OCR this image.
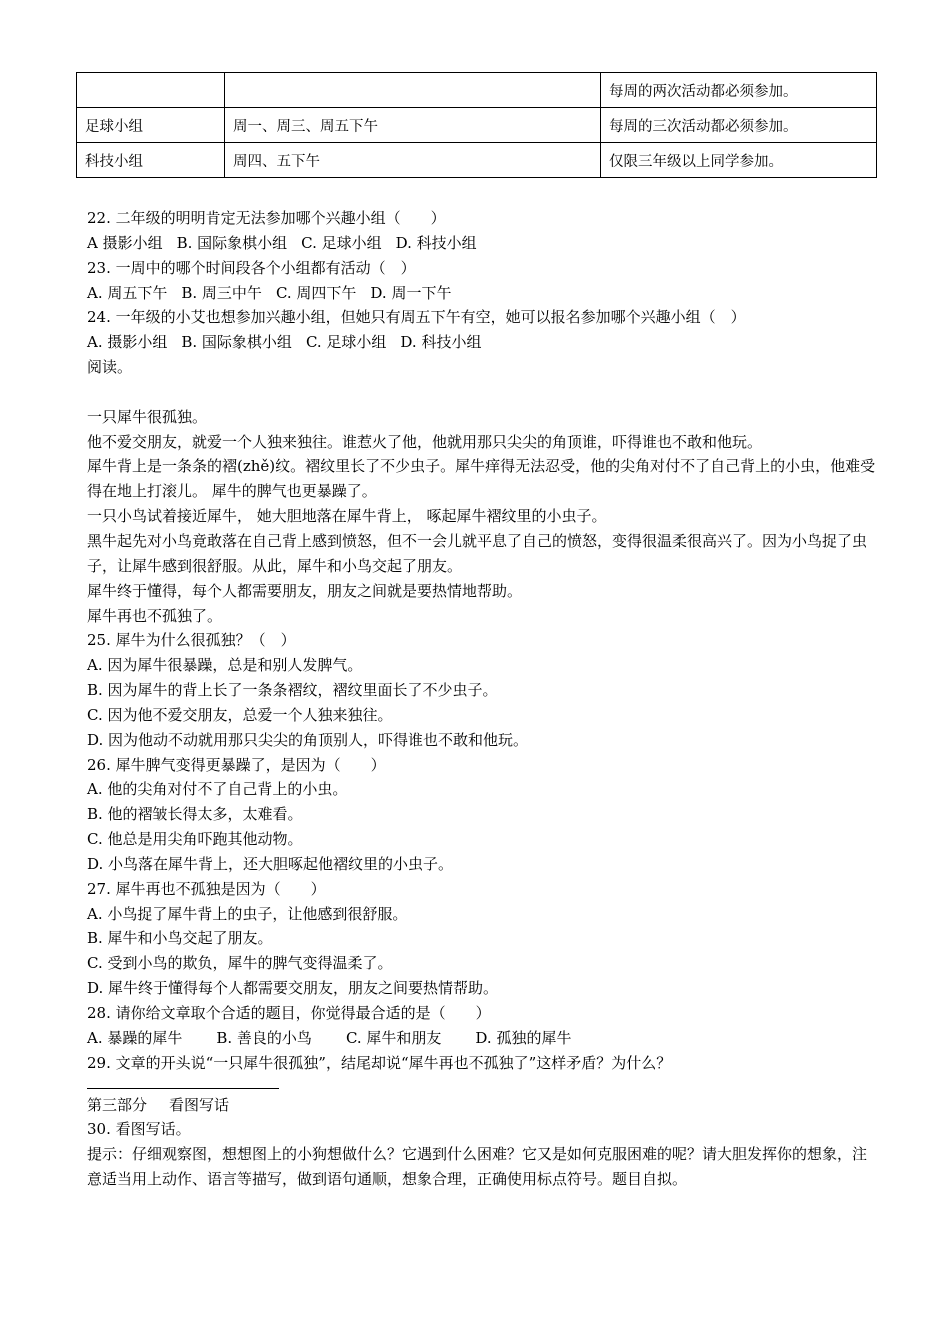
		每周的两次活动都必须参加。
足球小组	周一、周三、周五下午	每周的三次活动都必须参加。
科技小组	周四、五下午	仅限三年级以上同学参加。
22. 二年级的明明肯定无法参加哪个兴趣小组（　　）
A 摄影小组 B. 国际象棋小组 C. 足球小组 D. 科技小组
23. 一周中的哪个时间段各个小组都有活动（　）
A. 周五下午 B. 周三中午 C. 周四下午 D. 周一下午
24. 一年级的小艾也想参加兴趣小组，但她只有周五下午有空，她可以报名参加哪个兴趣小组（　）
A. 摄影小组 B. 国际象棋小组 C. 足球小组 D. 科技小组
阅读。
一只犀牛很孤独。
他不爱交朋友，就爱一个人独来独往。谁惹火了他，他就用那只尖尖的角顶谁，吓得谁也不敢和他玩。
犀牛背上是一条条的褶(zhě)纹。褶纹里长了不少虫子。犀牛痒得无法忍受，他的尖角对付不了自己背上的小虫，他难受得在地上打滚儿。 犀牛的脾气也更暴躁了。
一只小鸟试着接近犀牛， 她大胆地落在犀牛背上， 啄起犀牛褶纹里的小虫子。
黑牛起先对小鸟竟敢落在自己背上感到愤怒，但不一会儿就平息了自己的愤怒，变得很温柔很高兴了。因为小鸟捉了虫子，让犀牛感到很舒服。从此，犀牛和小鸟交起了朋友。
犀牛终于懂得，每个人都需要朋友，朋友之间就是要热情地帮助。
犀牛再也不孤独了。
25. 犀牛为什么很孤独？（　）
A. 因为犀牛很暴躁，总是和别人发脾气。
B. 因为犀牛的背上长了一条条褶纹，褶纹里面长了不少虫子。
C. 因为他不爱交朋友，总爱一个人独来独往。
D. 因为他动不动就用那只尖尖的角顶别人，吓得谁也不敢和他玩。
26. 犀牛脾气变得更暴躁了，是因为（　　）
A. 他的尖角对付不了自己背上的小虫。
B. 他的褶皱长得太多，太难看。
C. 他总是用尖角吓跑其他动物。
D. 小鸟落在犀牛背上，还大胆啄起他褶纹里的小虫子。
27. 犀牛再也不孤独是因为（　　）
A. 小鸟捉了犀牛背上的虫子，让他感到很舒服。
B. 犀牛和小鸟交起了朋友。
C. 受到小鸟的欺负，犀牛的脾气变得温柔了。
D. 犀牛终于懂得每个人都需要交朋友，朋友之间要热情帮助。
28. 请你给文章取个合适的题目，你觉得最合适的是（　　）
A. 暴躁的犀牛 B. 善良的小鸟 C. 犀牛和朋友 D. 孤独的犀牛
29. 文章的开头说“一只犀牛很孤独”，结尾却说“犀牛再也不孤独了”这样矛盾？为什么？
第三部分 看图写话
30. 看图写话。
提示：仔细观察图，想想图上的小狗想做什么？它遇到什么困难？它又是如何克服困难的呢？请大胆发挥你的想象，注意适当用上动作、语言等描写，做到语句通顺，想象合理，正确使用标点符号。题目自拟。
